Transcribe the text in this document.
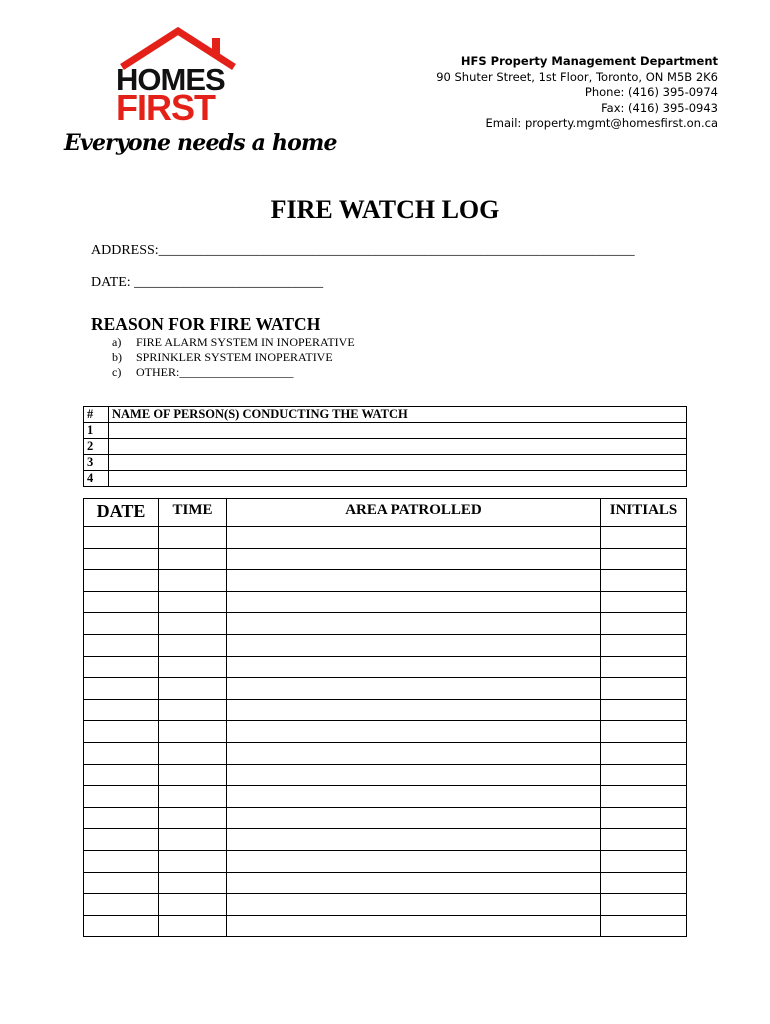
HOMES
FIRST
Everyone needs a home
HFS Property Management Department
90 Shuter Street, 1st Floor, Toronto, ON M5B 2K6
Phone: (416) 395-0974
Fax: (416) 395-0943
Email: property.mgmt@homesfirst.on.ca
FIRE WATCH LOG
ADDRESS:____________________________________________________________________
DATE: ___________________________
REASON FOR FIRE WATCH
a)	FIRE ALARM SYSTEM IN INOPERATIVE
b)	SPRINKLER SYSTEM INOPERATIVE
c)	OTHER:___________________
#	NAME OF PERSON(S) CONDUCTING THE WATCH
1	
2	
3	
4	
DATE	TIME	AREA PATROLLED	INITIALS
